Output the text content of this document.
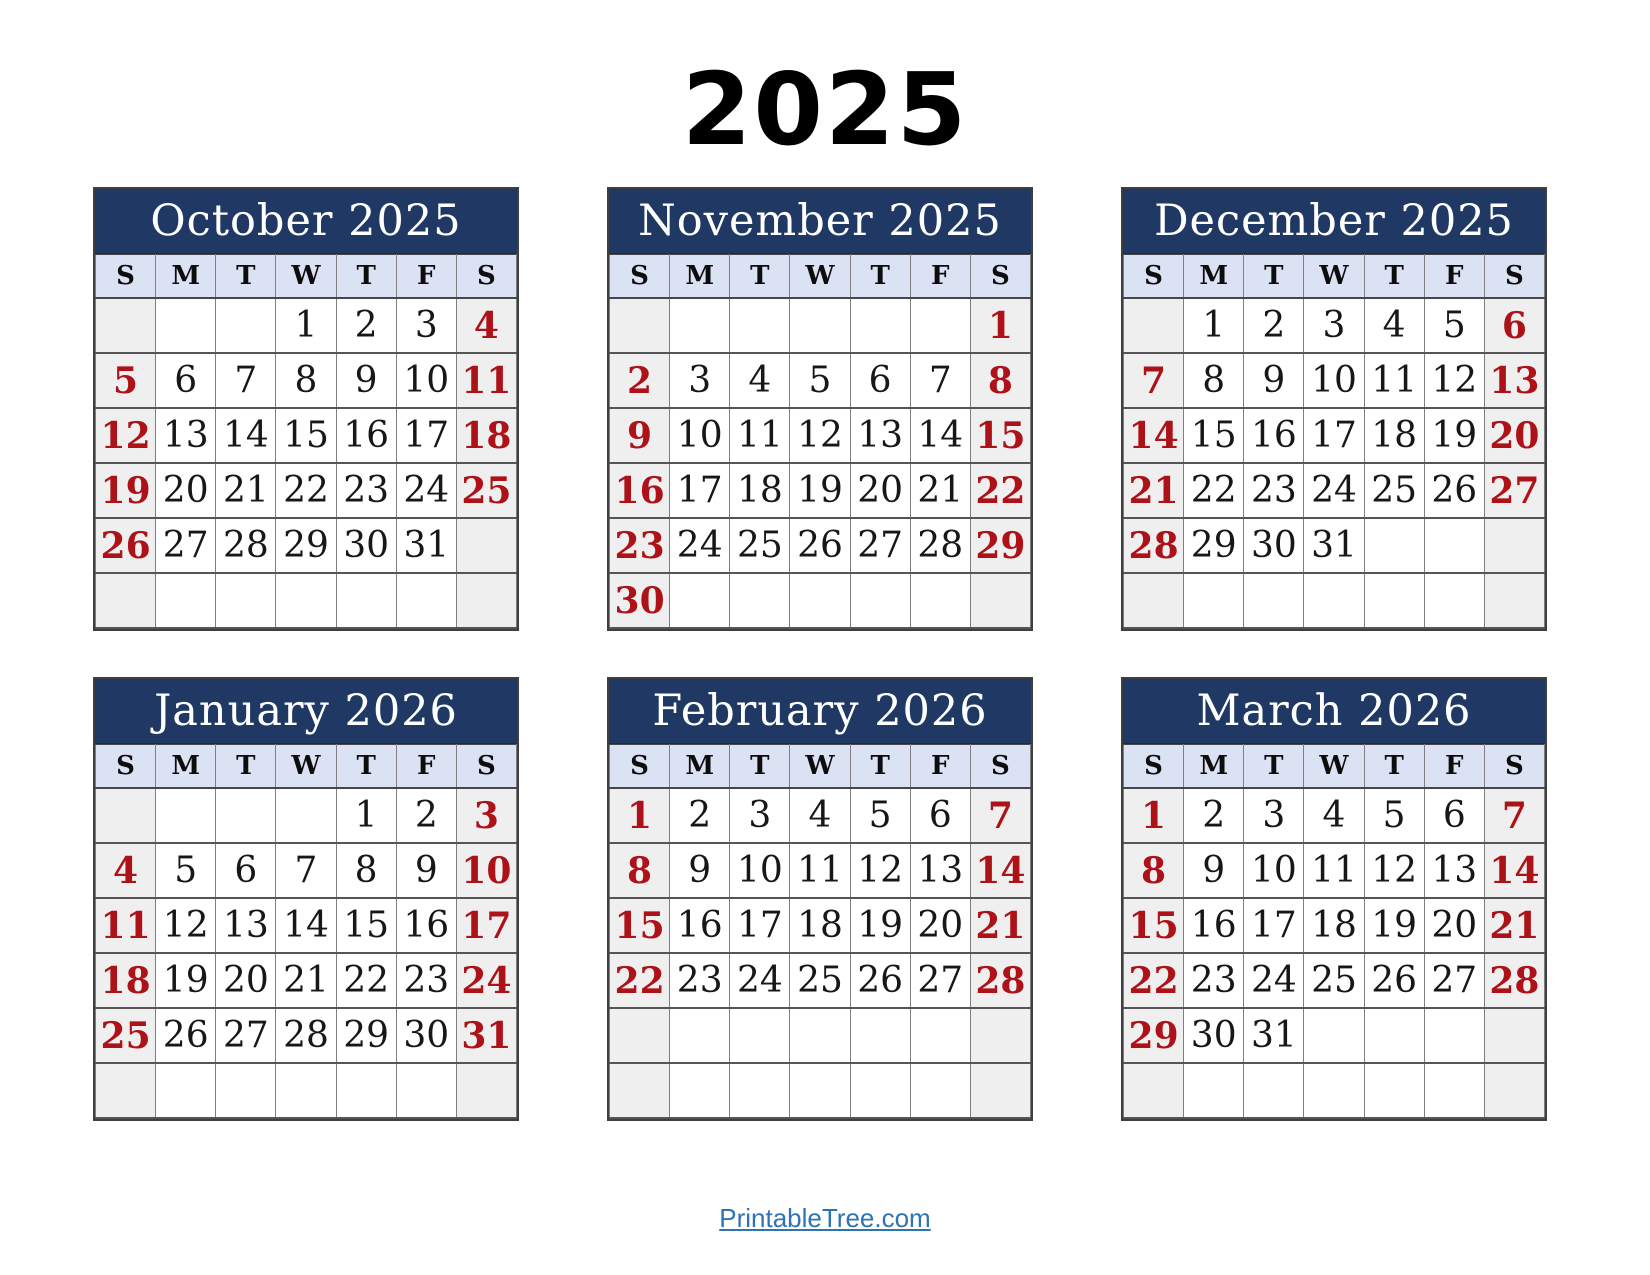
2025
October 2025
S	M	T	W	T	F	S
			1	2	3	4
5	6	7	8	9	10	11
12	13	14	15	16	17	18
19	20	21	22	23	24	25
26	27	28	29	30	31	

November 2025
S	M	T	W	T	F	S
						1
2	3	4	5	6	7	8
9	10	11	12	13	14	15
16	17	18	19	20	21	22
23	24	25	26	27	28	29
30						
December 2025
S	M	T	W	T	F	S
	1	2	3	4	5	6
7	8	9	10	11	12	13
14	15	16	17	18	19	20
21	22	23	24	25	26	27
28	29	30	31			

January 2026
S	M	T	W	T	F	S
				1	2	3
4	5	6	7	8	9	10
11	12	13	14	15	16	17
18	19	20	21	22	23	24
25	26	27	28	29	30	31

February 2026
S	M	T	W	T	F	S
1	2	3	4	5	6	7
8	9	10	11	12	13	14
15	16	17	18	19	20	21
22	23	24	25	26	27	28

March 2026
S	M	T	W	T	F	S
1	2	3	4	5	6	7
8	9	10	11	12	13	14
15	16	17	18	19	20	21
22	23	24	25	26	27	28
29	30	31				

PrintableTree.com
